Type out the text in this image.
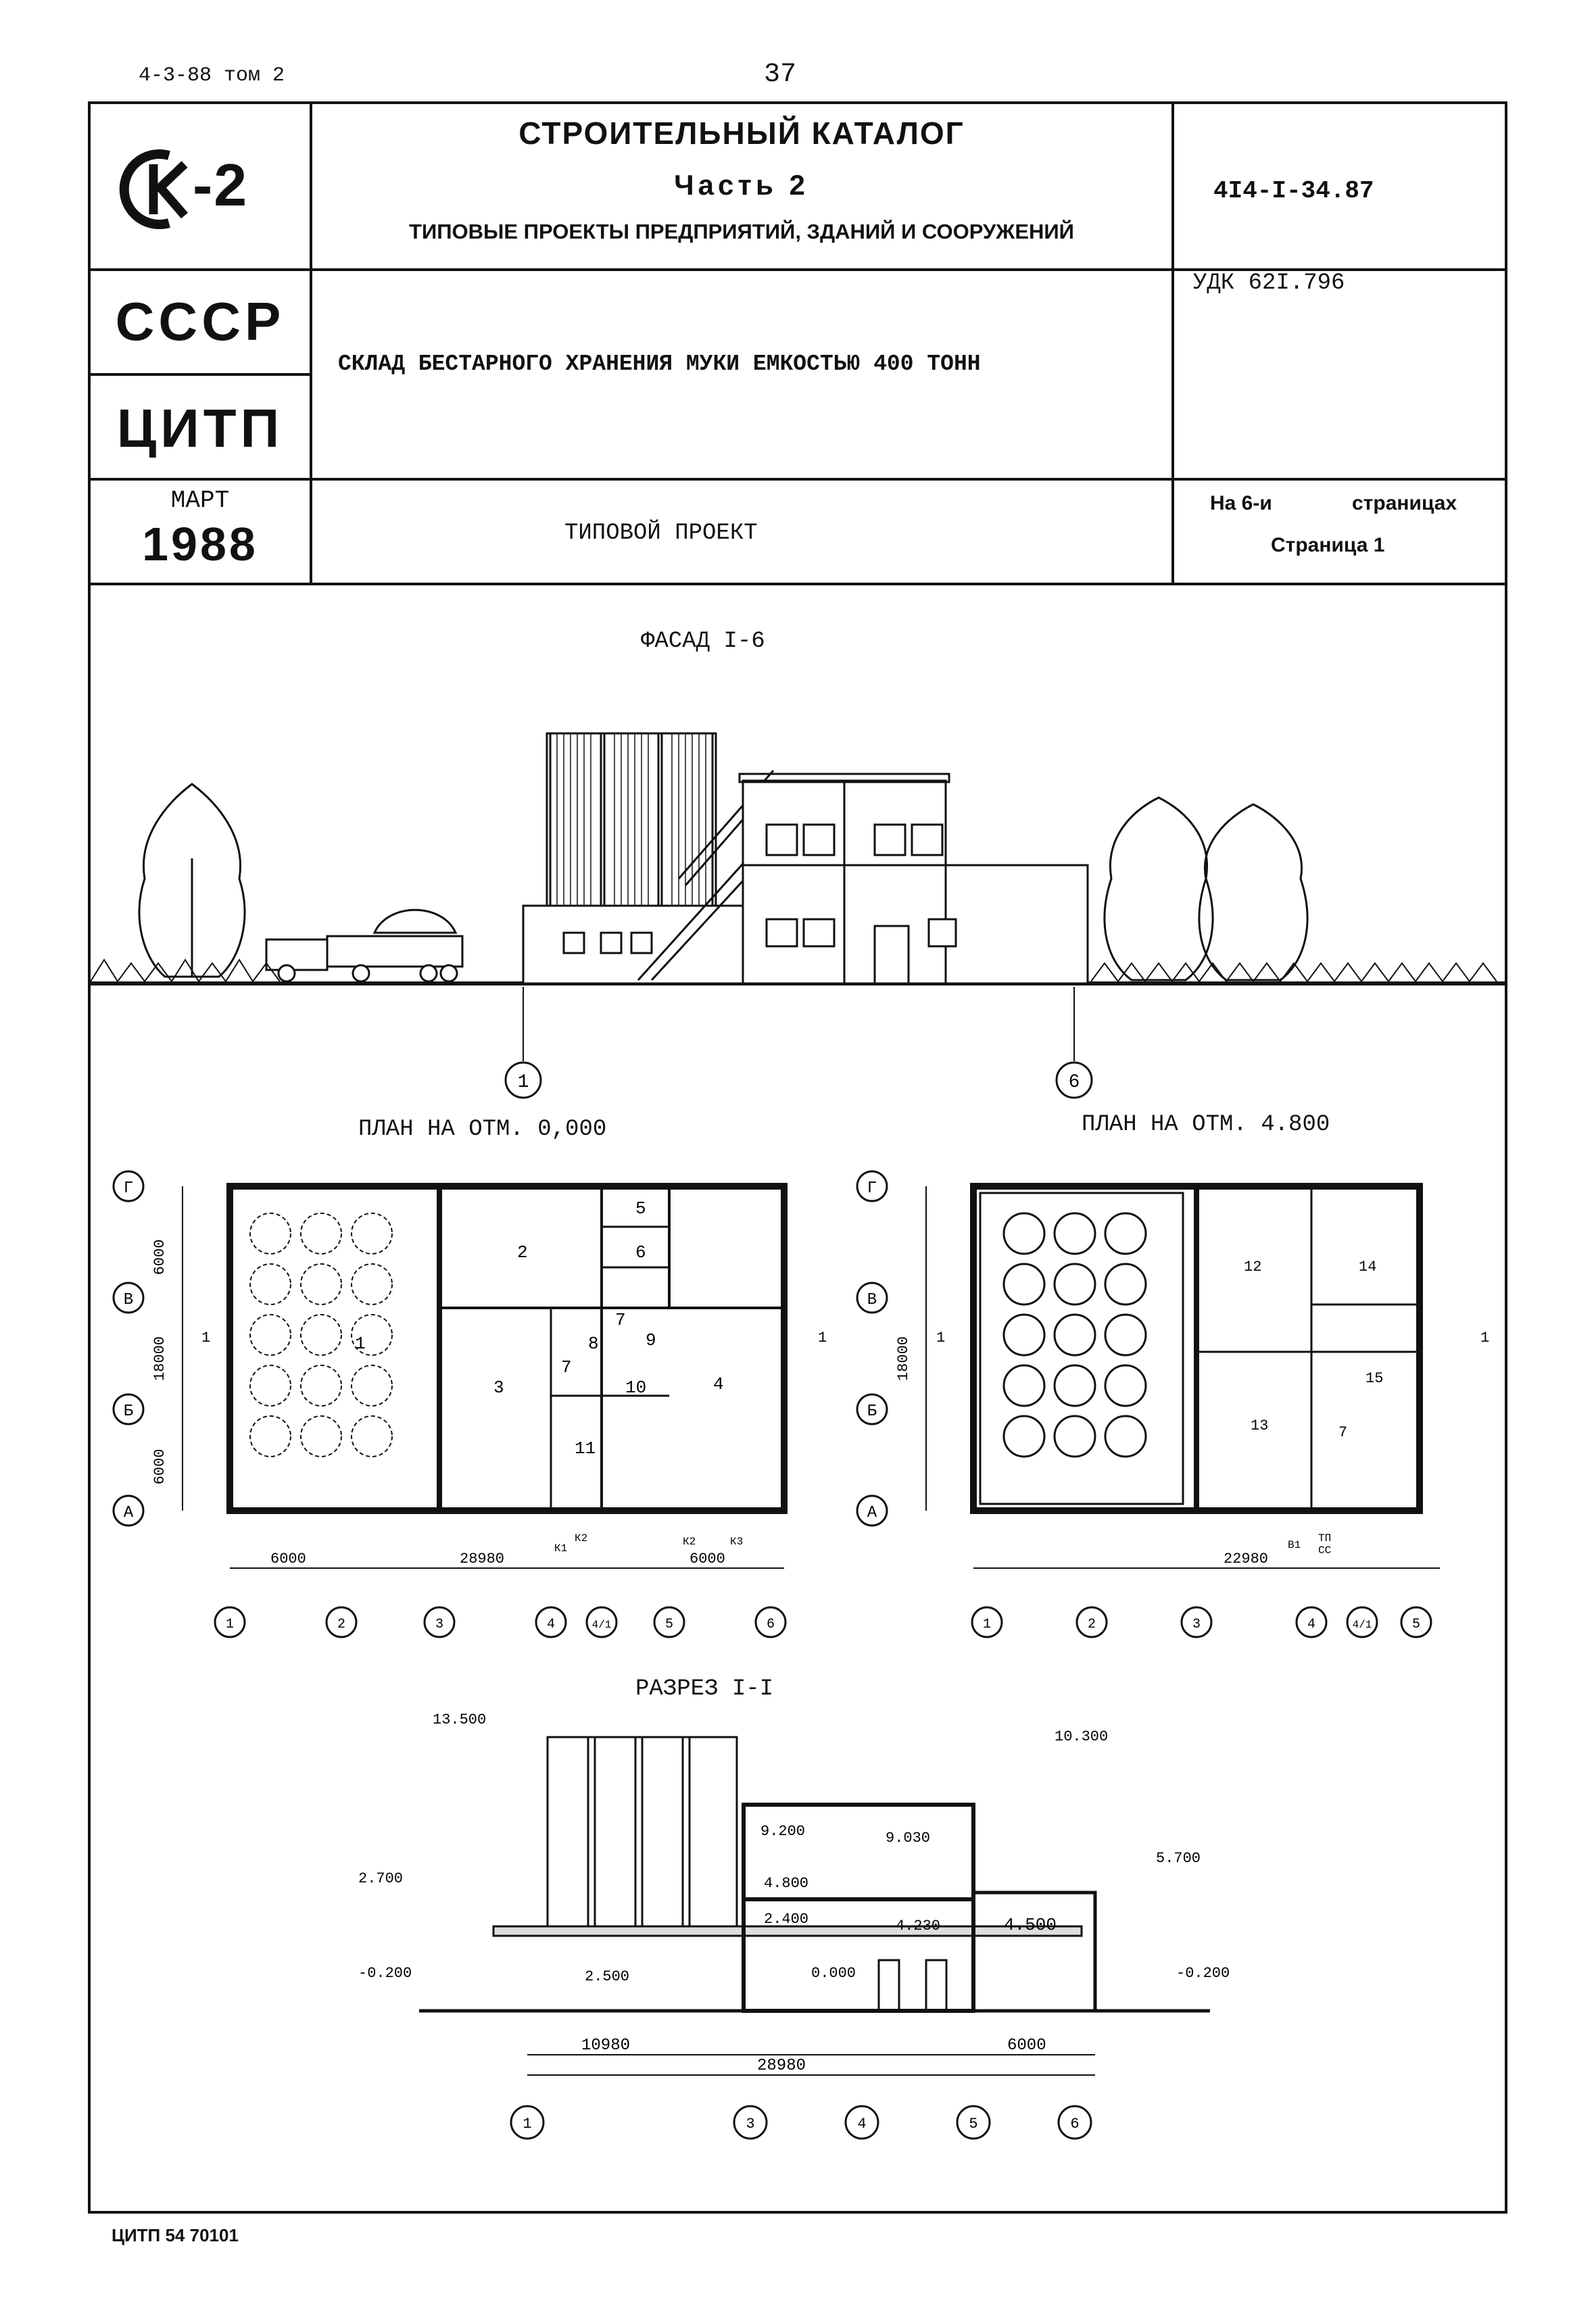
4-3-88 том 2	37
-2
СТРОИТЕЛЬНЫЙ КАТАЛОГ
Часть 2
ТИПОВЫЕ ПРОЕКТЫ ПРЕДПРИЯТИЙ, ЗДАНИЙ И СООРУЖЕНИЙ
4I4-I-34.87
СССР
ЦИТП
СКЛАД БЕСТАРНОГО ХРАНЕНИЯ МУКИ ЕМКОСТЬЮ 400 ТОНН
УДК 62I.796
МАРТ
1988	ТИПОВОЙ ПРОЕКТ
На 6-и	страницах
Страница 1
ФАСАД I-6
ПЛАН НА ОТМ. 0,000	ПЛАН НА ОТМ. 4.800
РАЗРЕЗ I-I
1	6
1
2
3	4
5
6
7
7
8	9
10
11
Г
В
Б
А
6000
18000
6000
6000	28980	6000
К1
К2	К2	К3
1	2	3	4	4/1	5	6
1	1
12	14
13
15
7
Г
В
Б
А
18000
22980
В1
ТП
СС
1	2	3	4	4/1	5
1	1
13.500
10.300
9.200	9.030
5.700
4.800
2.700
2.400	4.230	4.500
-0.200	0.000
2.500	-0.200
10980
28980
6000
1	3	4	5	6
ЦИТП 54 70101
